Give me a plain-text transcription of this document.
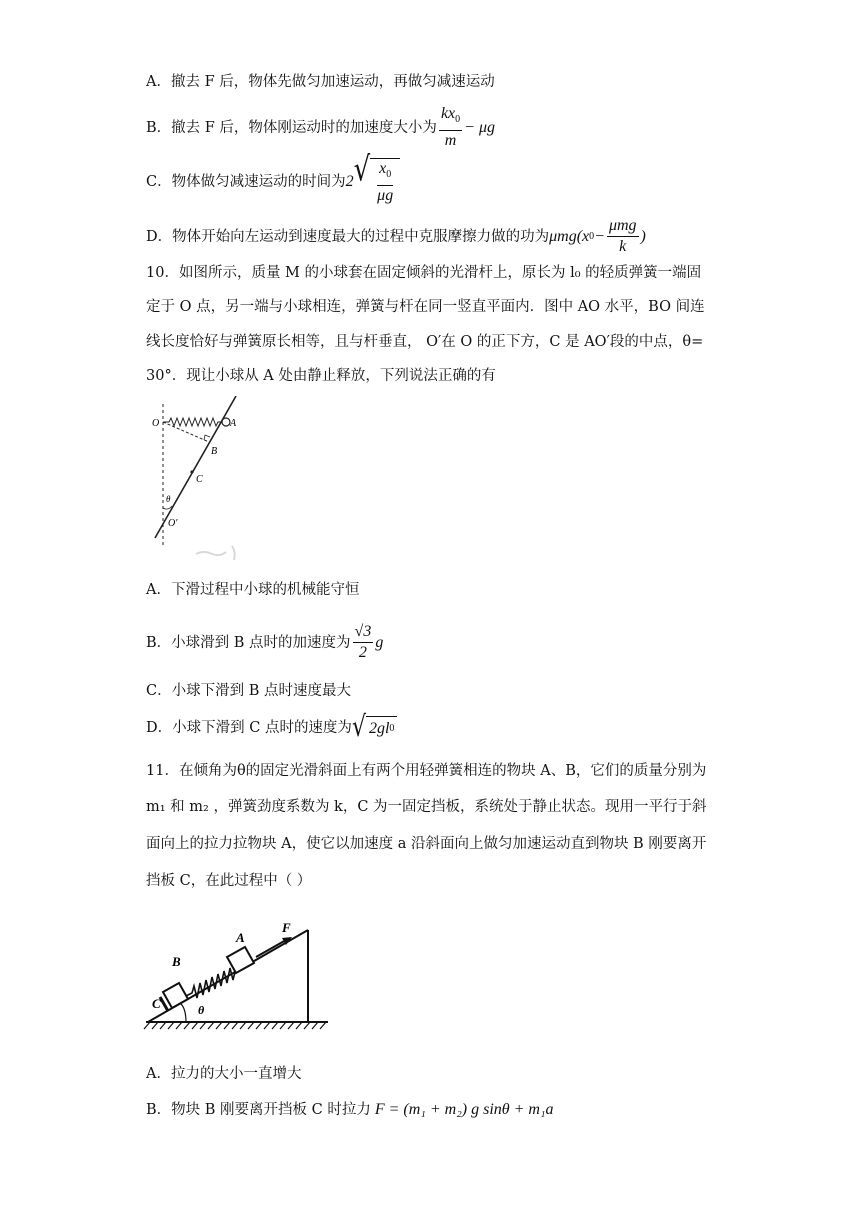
A．撤去 F 后，物体先做匀加速运动，再做匀减速运动
B．撤去 F 后，物体刚运动时的加速度大小为 $\frac{kx_0}{m} - \mu g$
C．物体做匀减速运动的时间为 2 √ $\frac{x_0}{\mu g}$
D．物体开始向左运动到速度最大的过程中克服摩擦力做的功为 μmg(x $0 - \frac{\text{μmg}}{k}$ )
10．如图所示，质量 M 的小球套在固定倾斜的光滑杆上，原长为 l₀ 的轻质弹簧一端固
定于 O 点，另一端与小球相连，弹簧与杆在同一竖直平面内．图中 AO 水平，BO 间连
线长度恰好与弹簧原长相等，且与杆垂直， O′在 O 的正下方，C 是 AO′段的中点，θ=
30°．现让小球从 A 处由静止释放，下列说法正确的有
O	A
B
C
θ
O′
A．下滑过程中小球的机械能守恒
B．小球滑到 B 点时的加速度为 $\frac{√3}{2}$ g
C．小球下滑到 B 点时速度最大
D．小球下滑到 C 点时的速度为 √ 2gl 0
11．在倾角为θ的固定光滑斜面上有两个用轻弹簧相连的物块 A、B，它们的质量分别为
m₁ 和 m₂ ，弹簧劲度系数为 k，C 为一固定挡板，系统处于静止状态。现用一平行于斜
面向上的拉力拉物块 A，使它以加速度 a 沿斜面向上做匀加速运动直到物块 B 刚要离开
挡板 C，在此过程中（ ）
F
A
B
C	θ
A．拉力的大小一直增大
B．物块 B 刚要离开挡板 C 时拉力 F = (m₁ + m₂) g sinθ + m₁a
